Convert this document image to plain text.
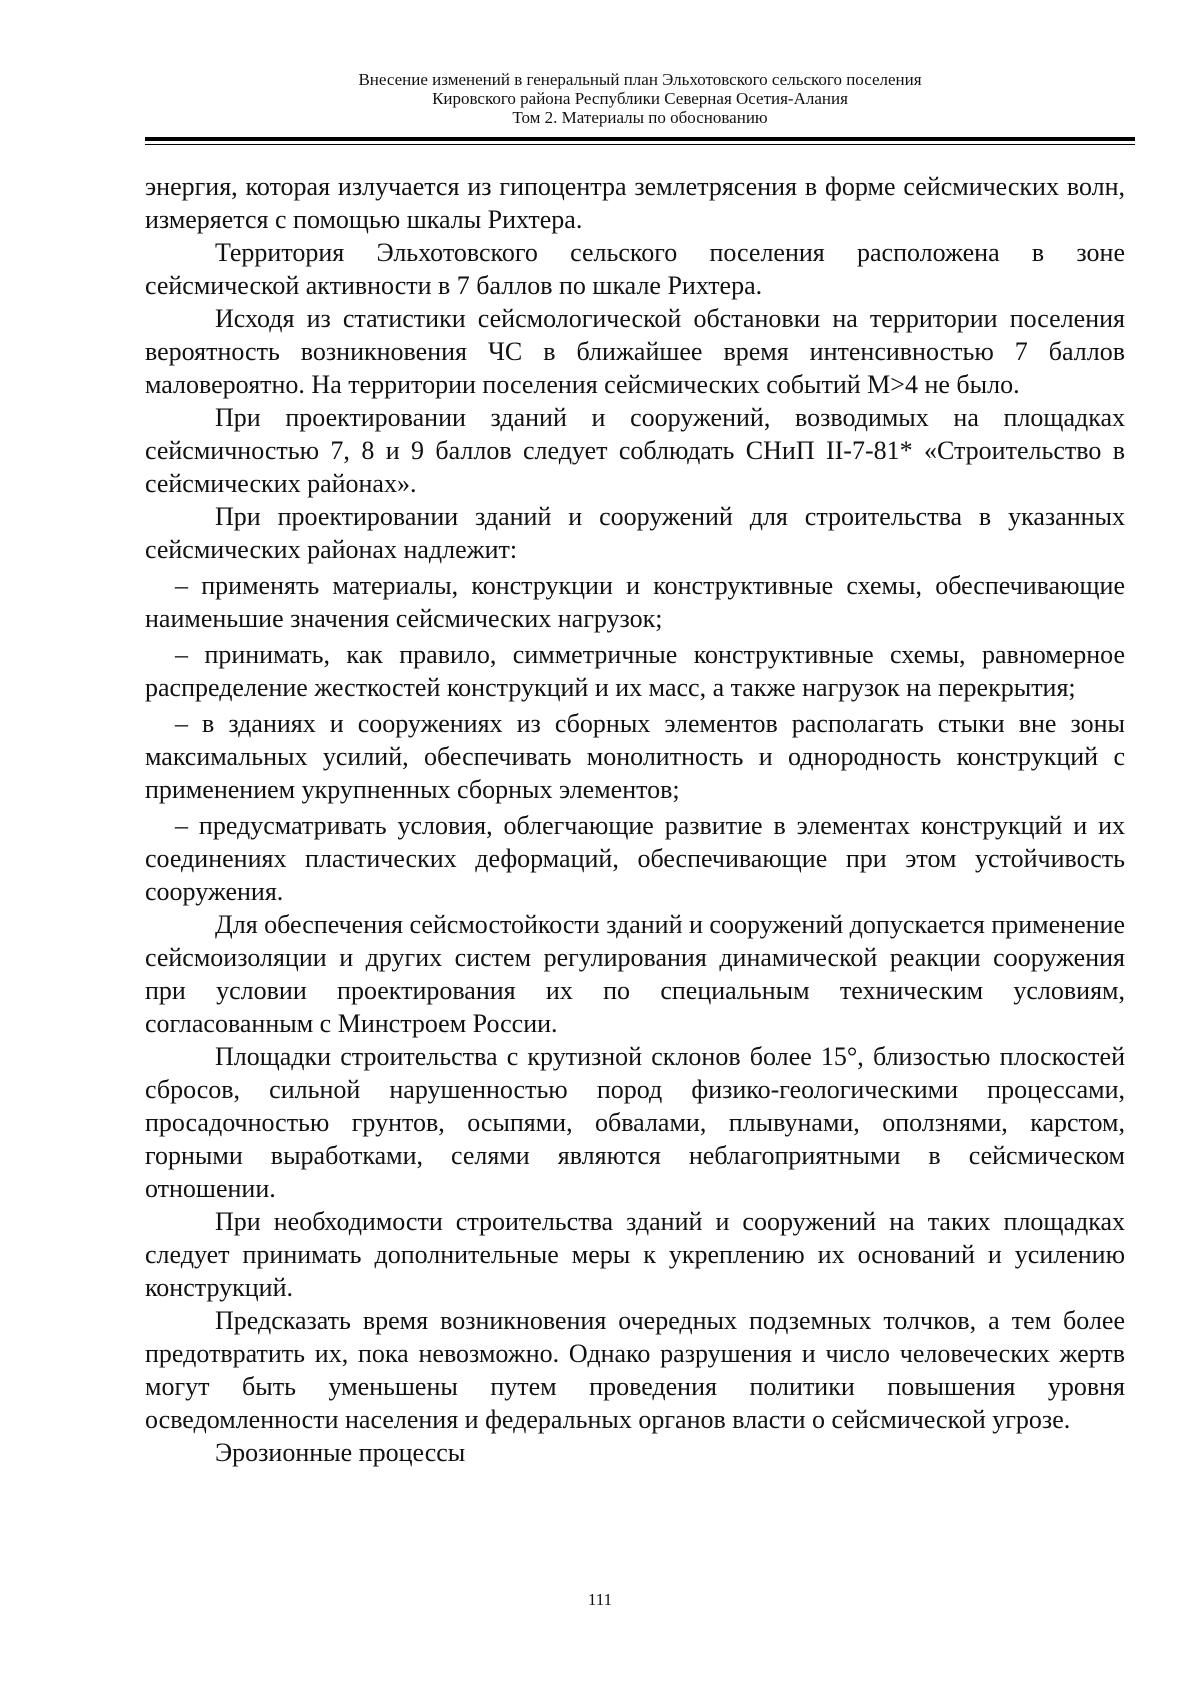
Внесение изменений в генеральный план Эльхотовского сельского поселения
Кировского района Республики Северная Осетия-Алания
Том 2. Материалы по обоснованию

энергия, которая излучается из гипоцентра землетрясения в форме сейсмических волн, измеряется с помощью шкалы Рихтера.

Территория Эльхотовского сельского поселения расположена в зоне сейсмической активности в 7 баллов по шкале Рихтера.

Исходя из статистики сейсмологической обстановки на территории поселения вероятность возникновения ЧС в ближайшее время интенсивностью 7 баллов маловероятно. На территории поселения сейсмических событий М>4 не было.

При проектировании зданий и сооружений, возводимых на площадках сейсмичностью 7, 8 и 9 баллов следует соблюдать СНиП II-7-81* «Строительство в сейсмических районах».

При проектировании зданий и сооружений для строительства в указанных сейсмических районах надлежит:

– применять материалы, конструкции и конструктивные схемы, обеспечивающие наименьшие значения сейсмических нагрузок;

– принимать, как правило, симметричные конструктивные схемы, равномерное распределение жесткостей конструкций и их масс, а также нагрузок на перекрытия;

– в зданиях и сооружениях из сборных элементов располагать стыки вне зоны максимальных усилий, обеспечивать монолитность и однородность конструкций с применением укрупненных сборных элементов;

– предусматривать условия, облегчающие развитие в элементах конструкций и их соединениях пластических деформаций, обеспечивающие при этом устойчивость сооружения.

Для обеспечения сейсмостойкости зданий и сооружений допускается применение сейсмоизоляции и других систем регулирования динамической реакции сооружения при условии проектирования их по специальным техническим условиям, согласованным с Минстроем России.

Площадки строительства с крутизной склонов более 15°, близостью плоскостей сбросов, сильной нарушенностью пород физико-геологическими процессами, просадочностью грунтов, осыпями, обвалами, плывунами, оползнями, карстом, горными выработками, селями являются неблагоприятными в сейсмическом отношении.

При необходимости строительства зданий и сооружений на таких площадках следует принимать дополнительные меры к укреплению их оснований и усилению конструкций.

Предсказать время возникновения очередных подземных толчков, а тем более предотвратить их, пока невозможно. Однако разрушения и число человеческих жертв могут быть уменьшены путем проведения политики повышения уровня осведомленности населения и федеральных органов власти о сейсмической угрозе.

Эрозионные процессы

111
